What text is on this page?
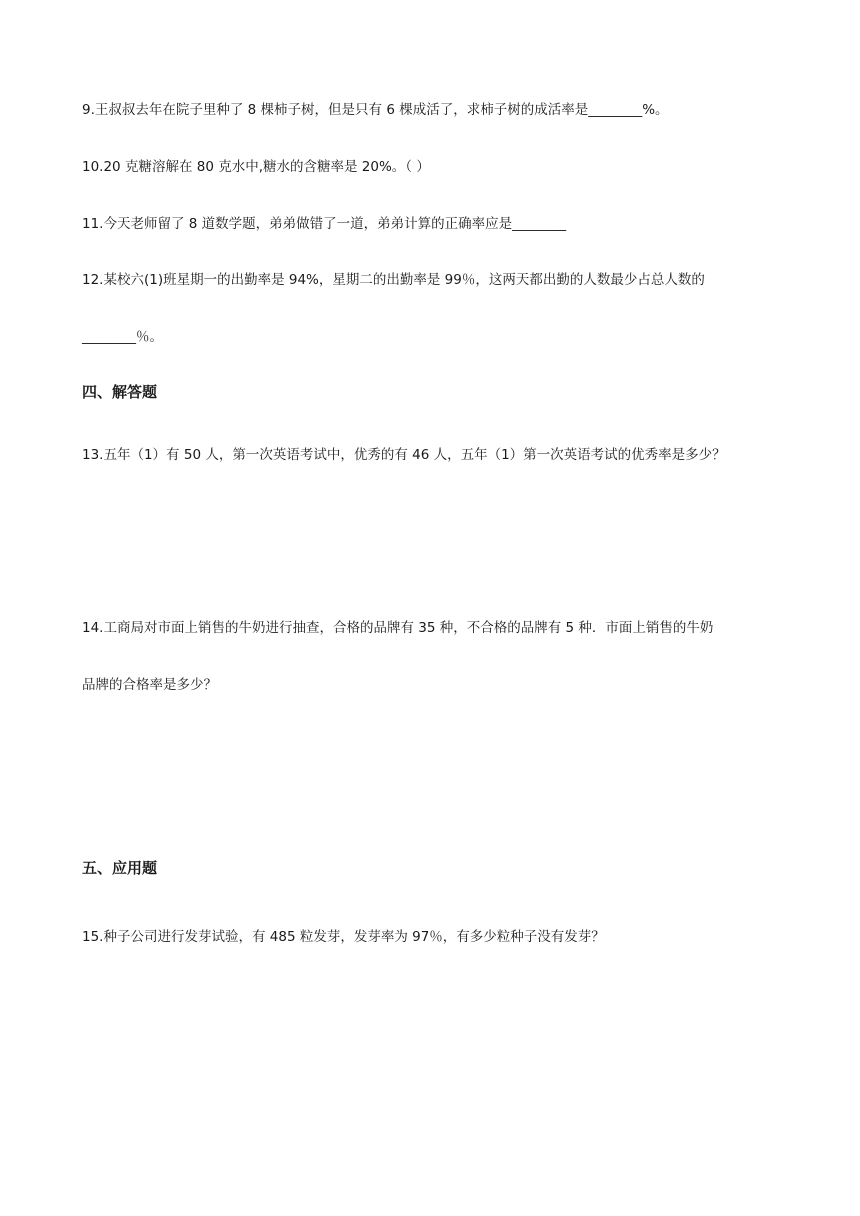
9.王叔叔去年在院子里种了 8 棵柿子树，但是只有 6 棵成活了，求柿子树的成活率是________%。
10.20 克糖溶解在 80 克水中,糖水的含糖率是 20%。（ ）
11.今天老师留了 8 道数学题，弟弟做错了一道，弟弟计算的正确率应是________
12.某校六(1)班星期一的出勤率是 94%，星期二的出勤率是 99％，这两天都出勤的人数最少占总人数的
________％。
四、解答题
13.五年（1）有 50 人，第一次英语考试中，优秀的有 46 人，五年（1）第一次英语考试的优秀率是多少？
14.工商局对市面上销售的牛奶进行抽查，合格的品牌有 35 种，不合格的品牌有 5 种．市面上销售的牛奶
品牌的合格率是多少？
五、应用题
15.种子公司进行发芽试验，有 485 粒发芽，发芽率为 97％，有多少粒种子没有发芽？
